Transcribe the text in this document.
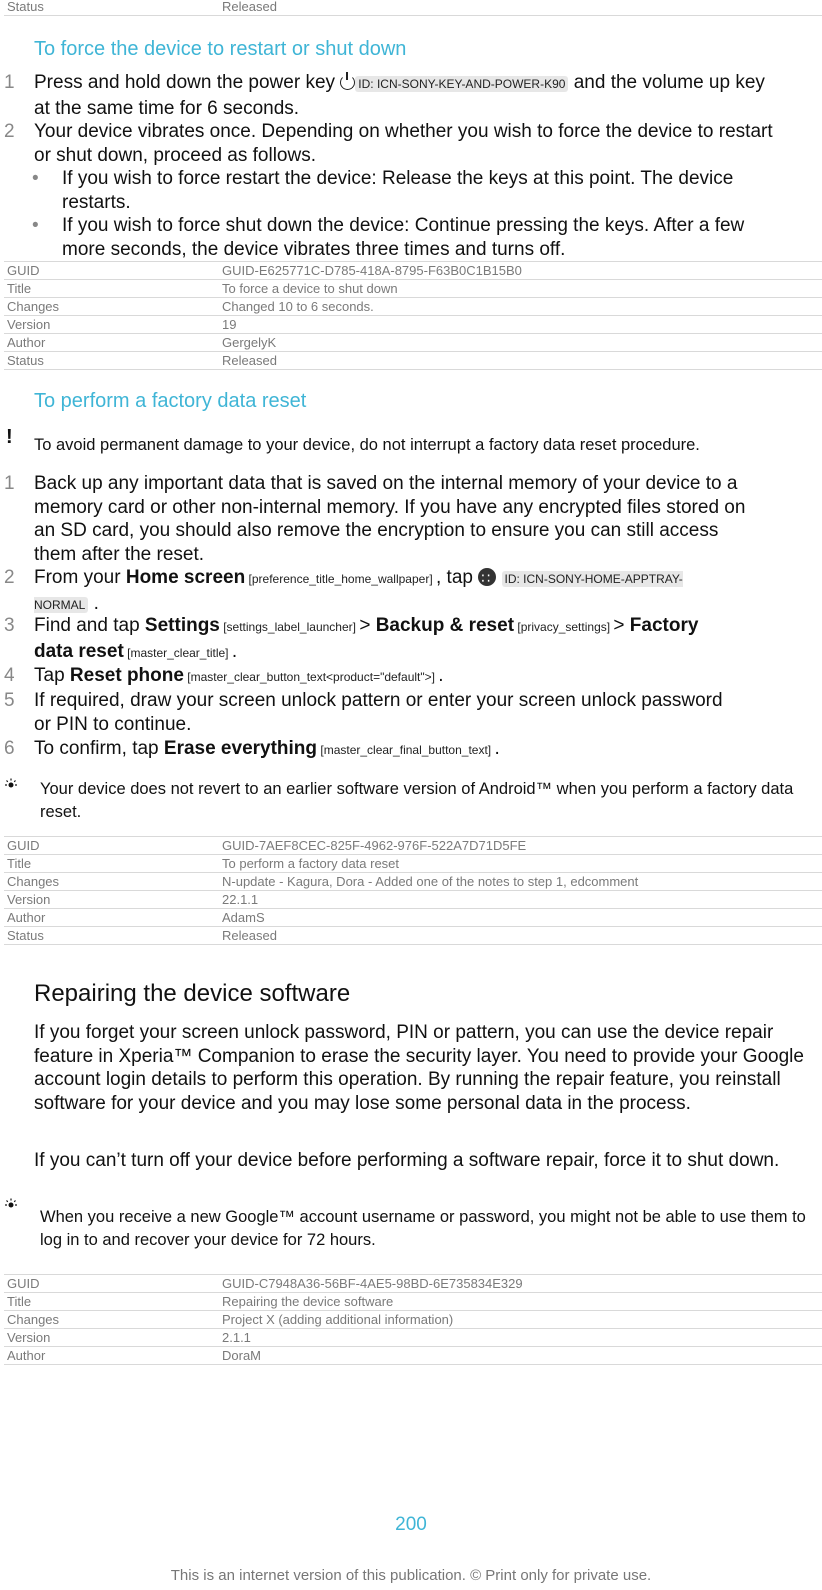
Status	Released
To force the device to restart or shut down
1 Press and hold down the power key ID: ICN-SONY-KEY-AND-POWER-K90 and the volume up key at the same time for 6 seconds.
2 Your device vibrates once. Depending on whether you wish to force the device to restart or shut down, proceed as follows.
• If you wish to force restart the device: Release the keys at this point. The device restarts.
• If you wish to force shut down the device: Continue pressing the keys. After a few more seconds, the device vibrates three times and turns off.
GUID	GUID-E625771C-D785-418A-8795-F63B0C1B15B0
Title	To force a device to shut down
Changes	Changed 10 to 6 seconds.
Version	19
Author	GergelyK
Status	Released
To perform a factory data reset
! To avoid permanent damage to your device, do not interrupt a factory data reset procedure.
1 Back up any important data that is saved on the internal memory of your device to a memory card or other non-internal memory. If you have any encrypted files stored on an SD card, you should also remove the encryption to ensure you can still access them after the reset.
2 From your Home screen [preference_title_home_wallpaper] , tap ∷ ID: ICN-SONY-HOME-APPTRAY-NORMAL .
3 Find and tap Settings [settings_label_launcher] > Backup & reset [privacy_settings] > Factory data reset [master_clear_title] .
4 Tap Reset phone [master_clear_button_text<product="default">] .
5 If required, draw your screen unlock pattern or enter your screen unlock password or PIN to continue.
6 To confirm, tap Erase everything [master_clear_final_button_text] .
Your device does not revert to an earlier software version of Android™ when you perform a factory data reset.
GUID	GUID-7AEF8CEC-825F-4962-976F-522A7D71D5FE
Title	To perform a factory data reset
Changes	N-update - Kagura, Dora - Added one of the notes to step 1, edcomment
Version	22.1.1
Author	AdamS
Status	Released
Repairing the device software
If you forget your screen unlock password, PIN or pattern, you can use the device repair feature in Xperia™ Companion to erase the security layer. You need to provide your Google account login details to perform this operation. By running the repair feature, you reinstall software for your device and you may lose some personal data in the process.
If you can’t turn off your device before performing a software repair, force it to shut down.
When you receive a new Google™ account username or password, you might not be able to use them to log in to and recover your device for 72 hours.
GUID	GUID-C7948A36-56BF-4AE5-98BD-6E735834E329
Title	Repairing the device software
Changes	Project X (adding additional information)
Version	2.1.1
Author	DoraM
200
This is an internet version of this publication. © Print only for private use.
